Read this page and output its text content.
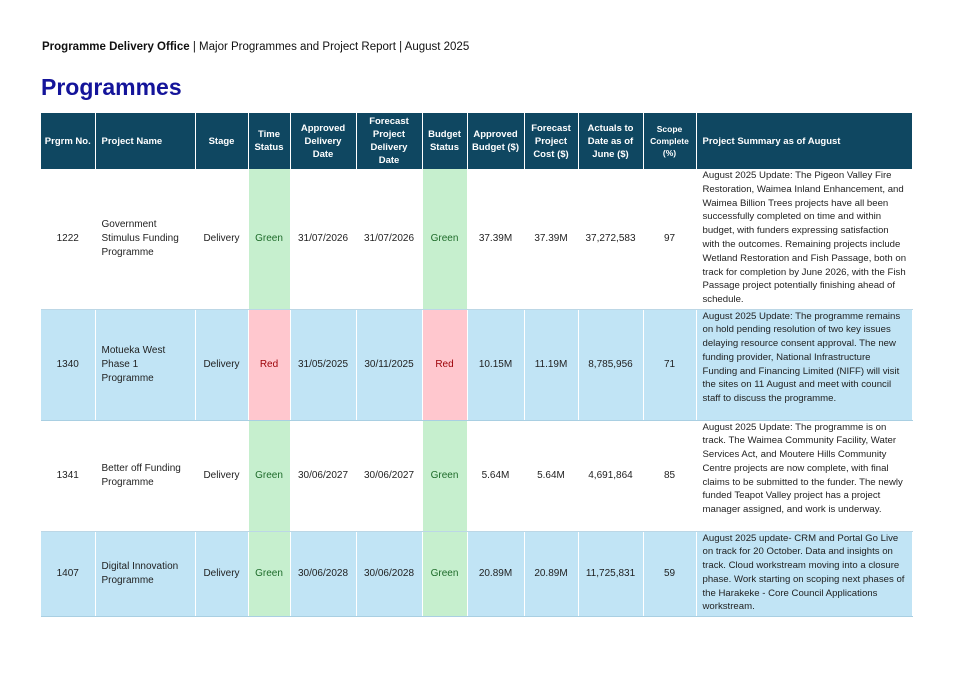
Programme Delivery Office | Major Programmes and Project Report | August 2025
Programmes
Prgrm No.	Project Name	Stage	Time Status	Approved Delivery Date	Forecast Project Delivery Date	Budget Status	Approved Budget ($)	Forecast Project Cost ($)	Actuals to Date as of June ($)	Scope Complete (%)	Project Summary as of August
1222	Government Stimulus Funding Programme	Delivery	Green	31/07/2026	31/07/2026	Green	37.39M	37.39M	37,272,583	97	August 2025 Update: The Pigeon Valley Fire Restoration, Waimea Inland Enhancement, and Waimea Billion Trees projects have all been successfully completed on time and within budget, with funders expressing satisfaction with the outcomes. Remaining projects include Wetland Restoration and Fish Passage, both on track for completion by June 2026, with the Fish Passage project potentially finishing ahead of schedule.
1340	Motueka West Phase 1 Programme	Delivery	Red	31/05/2025	30/11/2025	Red	10.15M	11.19M	8,785,956	71	August 2025 Update: The programme remains on hold pending resolution of two key issues delaying resource consent approval. The new funding provider, National Infrastructure Funding and Financing Limited (NIFF) will visit the sites on 11 August and meet with council staff to discuss the programme.
1341	Better off Funding Programme	Delivery	Green	30/06/2027	30/06/2027	Green	5.64M	5.64M	4,691,864	85	August 2025 Update: The programme is on track. The Waimea Community Facility, Water Services Act, and Moutere Hills Community Centre projects are now complete, with final claims to be submitted to the funder. The newly funded Teapot Valley project has a project manager assigned, and work is underway.
1407	Digital Innovation Programme	Delivery	Green	30/06/2028	30/06/2028	Green	20.89M	20.89M	11,725,831	59	August 2025 update- CRM and Portal Go Live on track for 20 October. Data and insights on track. Cloud workstream moving into a closure phase. Work starting on scoping next phases of the Harakeke - Core Council Applications workstream.
